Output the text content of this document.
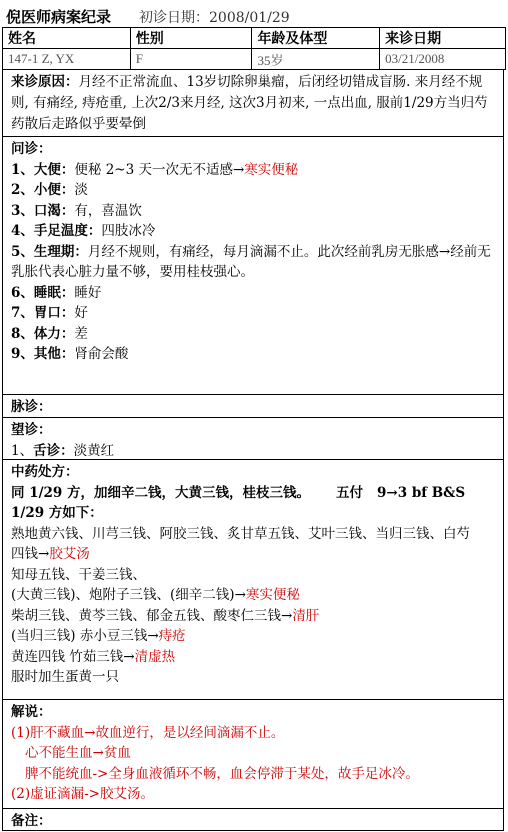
倪医师病案纪录 初诊日期：2008/01/29
姓名	性别	年龄及体型	来诊日期
147-1 Z, YX	F	35岁	03/21/2008
来诊原因：月经不正常流血、13岁切除卵巢瘤，后闭经切错成盲肠. 来月经不规则, 有痛经, 痔疮重, 上次2/3来月经, 这次3月初来, 一点出血, 服前1/29方当归芍药散后走路似乎要晕倒
问诊：
1、大便：便秘 2~3 天一次无不适感→寒实便秘
2、小便：淡
3、口渴：有，喜温饮
4、手足温度：四肢冰冷
5、生理期：月经不规则，有痛经，每月滴漏不止。此次经前乳房无胀感→经前无乳胀代表心脏力量不够，要用桂枝强心。
6、睡眠：睡好
7、胃口：好
8、体力：差
9、其他：肾俞会酸
脉诊：
望诊：
1、舌诊：淡黄红
中药处方：
同 1/29 方，加细辛二钱，大黄三钱，桂枝三钱。 五付 9→3 bf B&S
1/29 方如下：
熟地黄六钱、川芎三钱、阿胶三钱、炙甘草五钱、艾叶三钱、当归三钱、白芍
四钱→胶艾汤
知母五钱、干姜三钱、
(大黄三钱)、炮附子三钱、(细辛二钱)→寒实便秘
柴胡三钱、黄芩三钱、郁金五钱、酸枣仁三钱→清肝
(当归三钱) 赤小豆三钱→痔疮
黄连四钱 竹茹三钱→清虚热
服时加生蛋黄一只
解说：
(1)肝不藏血→故血逆行，是以经间滴漏不止。
心不能生血→贫血
脾不能统血->全身血液循环不畅，血会停滞于某处，故手足冰冷。
(2)虚证滴漏->胶艾汤。
备注：
